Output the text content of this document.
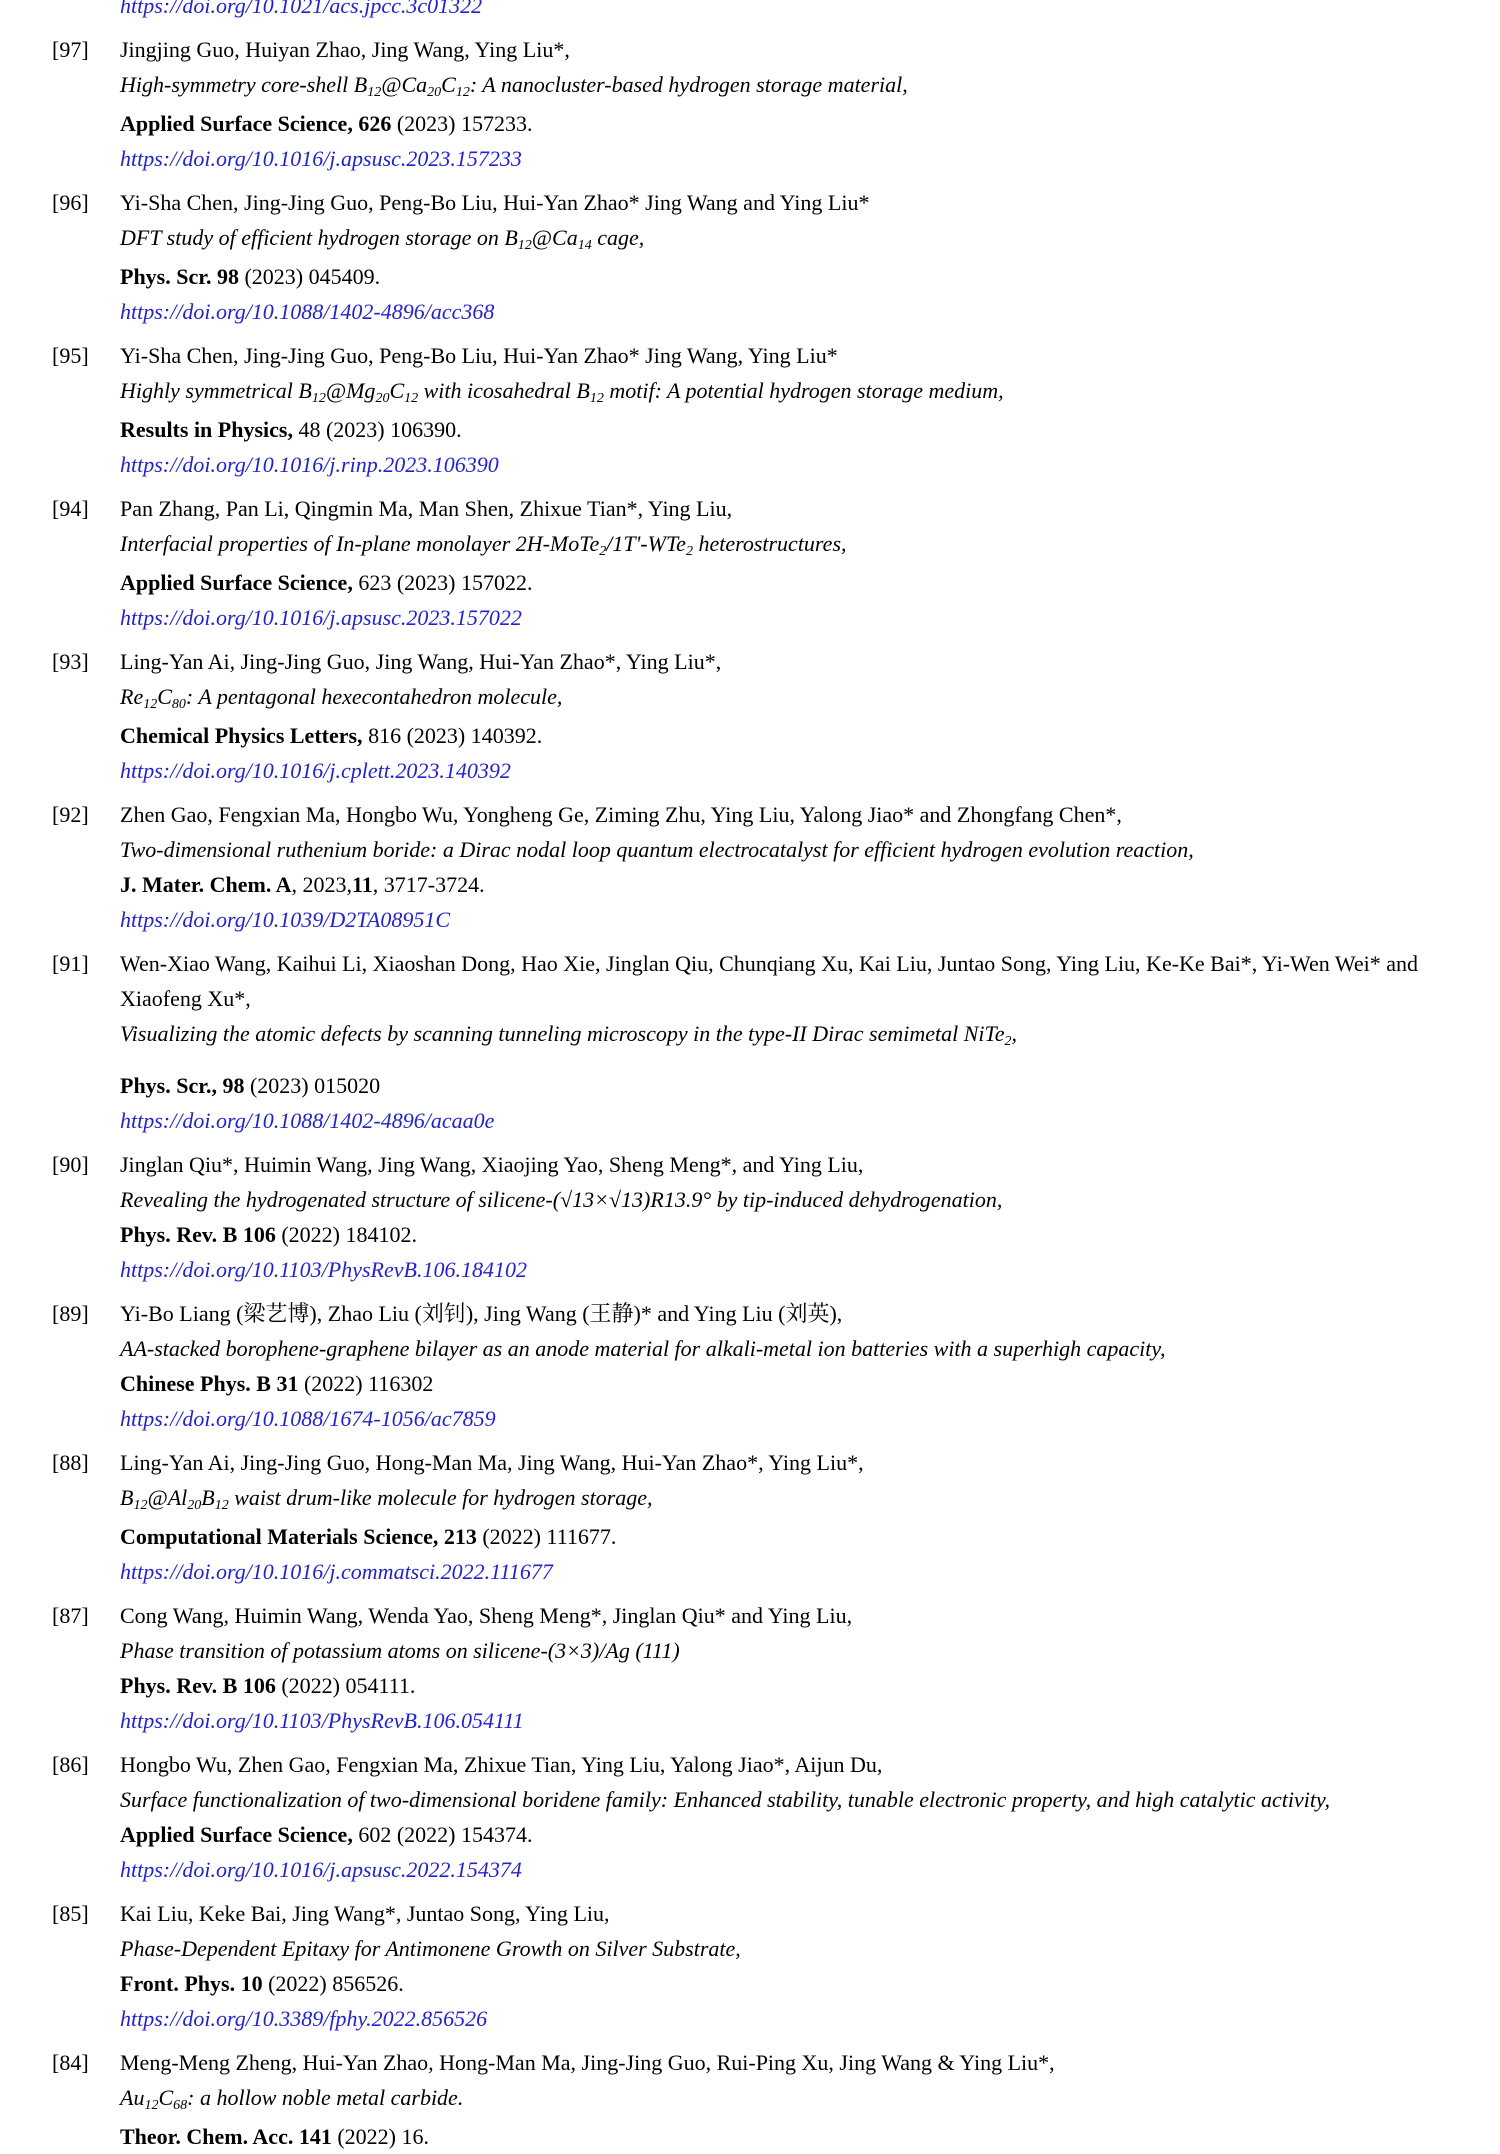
https://doi.org/10.1021/acs.jpcc.3c01322
[97]	Jingjing Guo, Huiyan Zhao, Jing Wang, Ying Liu*,
High-symmetry core-shell B12@Ca20C12: A nanocluster-based hydrogen storage material,
Applied Surface Science, 626 (2023) 157233.
https://doi.org/10.1016/j.apsusc.2023.157233
[96]	Yi-Sha Chen, Jing-Jing Guo, Peng-Bo Liu, Hui-Yan Zhao* Jing Wang and Ying Liu*
DFT study of efficient hydrogen storage on B12@Ca14 cage,
Phys. Scr. 98 (2023) 045409.
https://doi.org/10.1088/1402-4896/acc368
[95]	Yi-Sha Chen, Jing-Jing Guo, Peng-Bo Liu, Hui-Yan Zhao* Jing Wang, Ying Liu*
Highly symmetrical B12@Mg20C12 with icosahedral B12 motif: A potential hydrogen storage medium,
Results in Physics, 48 (2023) 106390.
https://doi.org/10.1016/j.rinp.2023.106390
[94]	Pan Zhang, Pan Li, Qingmin Ma, Man Shen, Zhixue Tian*, Ying Liu,
Interfacial properties of In-plane monolayer 2H-MoTe2/1T'-WTe2 heterostructures,
Applied Surface Science, 623 (2023) 157022.
https://doi.org/10.1016/j.apsusc.2023.157022
[93]	Ling-Yan Ai, Jing-Jing Guo, Jing Wang, Hui-Yan Zhao*, Ying Liu*,
Re12C80: A pentagonal hexecontahedron molecule,
Chemical Physics Letters, 816 (2023) 140392.
https://doi.org/10.1016/j.cplett.2023.140392
[92]	Zhen Gao, Fengxian Ma, Hongbo Wu, Yongheng Ge, Ziming Zhu, Ying Liu, Yalong Jiao* and Zhongfang Chen*,
Two-dimensional ruthenium boride: a Dirac nodal loop quantum electrocatalyst for efficient hydrogen evolution reaction,
J. Mater. Chem. A, 2023,11, 3717-3724.
https://doi.org/10.1039/D2TA08951C
[91]	Wen-Xiao Wang, Kaihui Li, Xiaoshan Dong, Hao Xie, Jinglan Qiu, Chunqiang Xu, Kai Liu, Juntao Song, Ying Liu, Ke-Ke Bai*, Yi-Wen Wei* and Xiaofeng Xu*,
Visualizing the atomic defects by scanning tunneling microscopy in the type-II Dirac semimetal NiTe2,
Phys. Scr., 98 (2023) 015020
https://doi.org/10.1088/1402-4896/acaa0e
[90]	Jinglan Qiu*, Huimin Wang, Jing Wang, Xiaojing Yao, Sheng Meng*, and Ying Liu,
Revealing the hydrogenated structure of silicene-(√13×√13)R13.9° by tip-induced dehydrogenation,
Phys. Rev. B 106 (2022) 184102.
https://doi.org/10.1103/PhysRevB.106.184102
[89]	Yi-Bo Liang (梁艺博), Zhao Liu (刘钊), Jing Wang (王静)* and Ying Liu (刘英),
AA-stacked borophene-graphene bilayer as an anode material for alkali-metal ion batteries with a superhigh capacity,
Chinese Phys. B 31 (2022) 116302
https://doi.org/10.1088/1674-1056/ac7859
[88]	Ling-Yan Ai, Jing-Jing Guo, Hong-Man Ma, Jing Wang, Hui-Yan Zhao*, Ying Liu*,
B12@Al20B12 waist drum-like molecule for hydrogen storage,
Computational Materials Science, 213 (2022) 111677.
https://doi.org/10.1016/j.commatsci.2022.111677
[87]	Cong Wang, Huimin Wang, Wenda Yao, Sheng Meng*, Jinglan Qiu* and Ying Liu,
Phase transition of potassium atoms on silicene-(3×3)/Ag (111)
Phys. Rev. B 106 (2022) 054111.
https://doi.org/10.1103/PhysRevB.106.054111
[86]	Hongbo Wu, Zhen Gao, Fengxian Ma, Zhixue Tian, Ying Liu, Yalong Jiao*, Aijun Du,
Surface functionalization of two-dimensional boridene family: Enhanced stability, tunable electronic property, and high catalytic activity,
Applied Surface Science, 602 (2022) 154374.
https://doi.org/10.1016/j.apsusc.2022.154374
[85]	Kai Liu, Keke Bai, Jing Wang*, Juntao Song, Ying Liu,
Phase-Dependent Epitaxy for Antimonene Growth on Silver Substrate,
Front. Phys. 10 (2022) 856526.
https://doi.org/10.3389/fphy.2022.856526
[84]	Meng-Meng Zheng, Hui-Yan Zhao, Hong-Man Ma, Jing-Jing Guo, Rui-Ping Xu, Jing Wang & Ying Liu*,
Au12C68: a hollow noble metal carbide.
Theor. Chem. Acc. 141 (2022) 16.
